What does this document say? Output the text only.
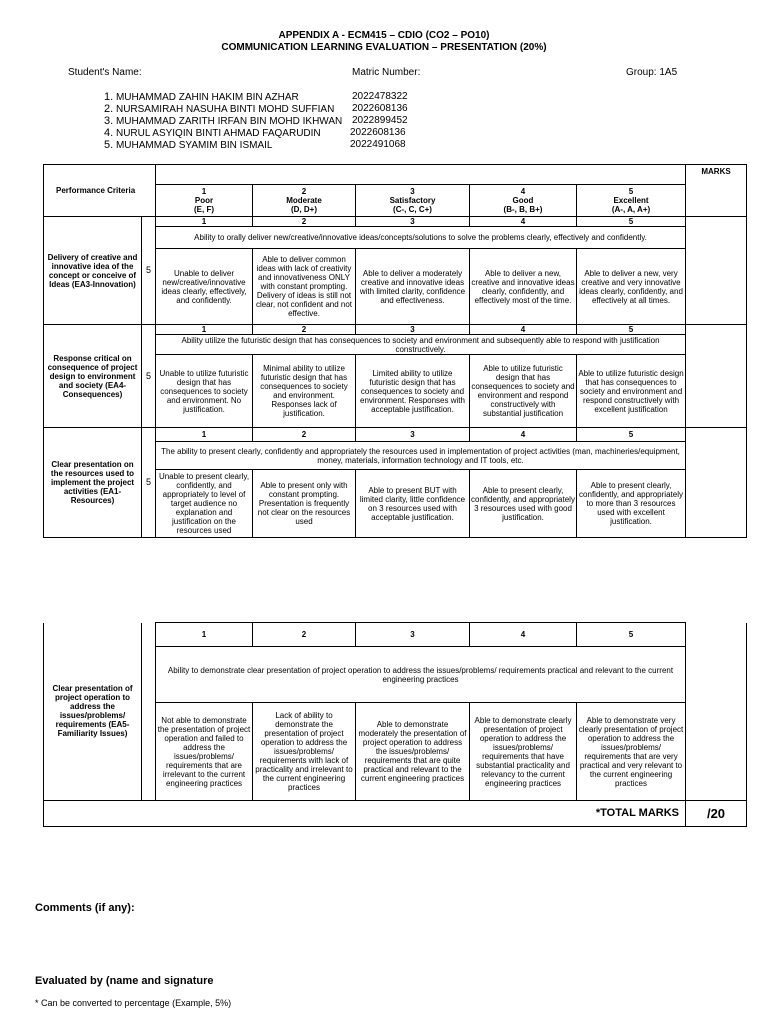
APPENDIX A - ECM415 – CDIO (CO2 – PO10)
COMMUNICATION LEARNING EVALUATION – PRESENTATION (20%)
Student's Name:	Matric Number:	Group: 1A5
1. MUHAMMAD ZAHIN HAKIM BIN AZHAR	2022478322
2. NURSAMIRAH NASUHA BINTI MOHD SUFFIAN 2022608136
3. MUHAMMAD ZARITH IRFAN BIN MOHD IKHWAN 2022899452
4. NURUL ASYIQIN BINTI AHMAD FAQARUDIN	2022608136
5. MUHAMMAD SYAMIM BIN ISMAIL	2022491068
Performance Criteria							MARKS
		1
Poor
(E, F)	2
Moderate
(D, D+)	3
Satisfactory
(C-, C, C+)	4
Good
(B-, B, B+)	5
Excellent
(A-, A, A+)	
Delivery of creative and innovative idea of the concept or conceive of Ideas (EA3-Innovation)	5	1	2	3	4	5	
		Ability to orally deliver new/creative/innovative ideas/concepts/solutions to solve the problems clearly, effectively and confidently.					
		Unable to deliver new/creative/innovative ideas clearly, effectively, and confidently.	Able to deliver common ideas with lack of creativity and innovativeness ONLY with constant prompting. Delivery of ideas is still not clear, not confident and not effective.	Able to deliver a moderately creative and innovative ideas with limited clarity, confidence and effectiveness.	Able to deliver a new, creative and innovative ideas clearly, confidently, and effectively most of the time.	Able to deliver a new, very creative and very innovative ideas clearly, confidently, and effectively at all times.	
Response critical on consequence of project design to environment and society (EA4-Consequences)	5	1	2	3	4	5	
		Ability utilize the futuristic design that has consequences to society and environment and subsequently able to respond with justification constructively.					
		Unable to utilize futuristic design that has consequences to society and environment. No justification.	Minimal ability to utilize futuristic design that has consequences to society and environment. Responses lack of justification.	Limited ability to utilize futuristic design that has consequences to society and environment. Responses with acceptable justification.	Able to utilize futuristic design that has consequences to society and environment and respond constructively with substantial justification	Able to utilize futuristic design that has consequences to society and environment and respond constructively with excellent justification	
Clear presentation on the resources used to implement the project activities (EA1-Resources)	5	1	2	3	4	5	
		The ability to present clearly, confidently and appropriately the resources used in implementation of project activities (man, machineries/equipment, money, materials, information technology and IT tools, etc.					
		Unable to present clearly, confidently, and appropriately to level of target audience no explanation and justification on the resources used	Able to present only with constant prompting. Presentation is frequently not clear on the resources used	Able to present BUT with limited clarity, little confidence on 3 resources used with acceptable justification.	Able to present clearly, confidently, and appropriately 3 resources used with good justification.	Able to present clearly, confidently, and appropriately to more than 3 resources used with excellent justification.	
Clear presentation of project operation to address the issues/problems/ requirements (EA5- Familiarity Issues)		1	2	3	4	5	
		Ability to demonstrate clear presentation of project operation to address the issues/problems/ requirements practical and relevant to the current engineering practices					
		Not able to demonstrate the presentation of project operation and failed to address the issues/problems/ requirements that are irrelevant to the current engineering practices	Lack of ability to demonstrate the presentation of project operation to address the issues/problems/ requirements with lack of practicality and irrelevant to the current engineering practices	Able to demonstrate moderately the presentation of project operation to address the issues/problems/ requirements that are quite practical and relevant to the current engineering practices	Able to demonstrate clearly presentation of project operation to address the issues/problems/ requirements that have substantial practicality and relevancy to the current engineering practices	Able to demonstrate very clearly presentation of project operation to address the issues/problems/ requirements that are very practical and very relevant to the current engineering practices	
*TOTAL MARKS							/20
Comments (if any):
Evaluated by (name and signature
* Can be converted to percentage (Example, 5%)
